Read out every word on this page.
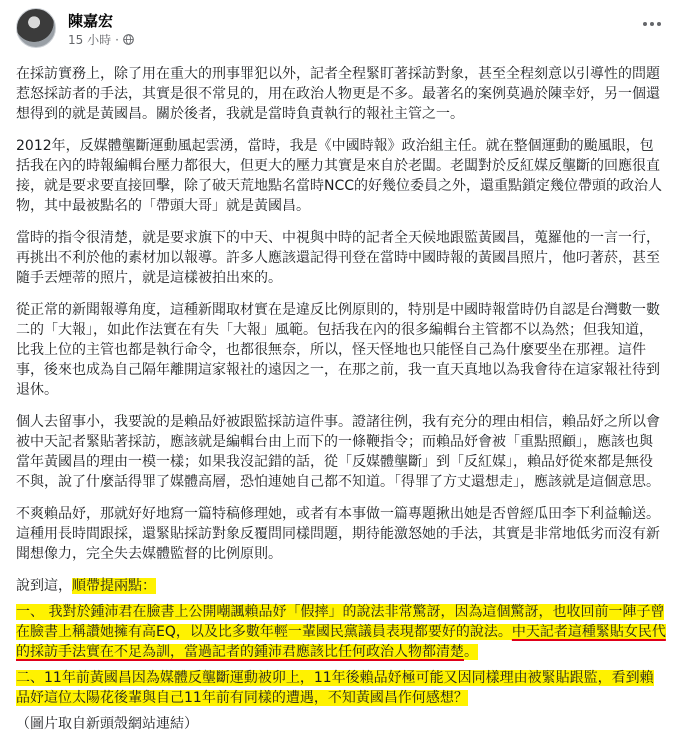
陳嘉宏
15 小時 ·

在採訪實務上，除了用在重大的刑事罪犯以外，記者全程緊盯著採訪對象，甚至全程刻意以引導性的問題惹怒採訪者的手法，其實是很不常見的，用在政治人物更是不多。最著名的案例莫過於陳幸妤，另一個還想得到的就是黃國昌。關於後者，我就是當時負責執行的報社主管之一。

2012年，反媒體壟斷運動風起雲湧，當時，我是《中國時報》政治組主任。就在整個運動的颱風眼，包括我在內的時報編輯台壓力都很大，但更大的壓力其實是來自於老闆。老闆對於反紅媒反壟斷的回應很直接，就是要求要直接回擊，除了破天荒地點名當時NCC的好幾位委員之外，還重點鎖定幾位帶頭的政治人物，其中最被點名的「帶頭大哥」就是黃國昌。

當時的指令很清楚，就是要求旗下的中天、中視與中時的記者全天候地跟監黃國昌，蒐羅他的一言一行，再挑出不利於他的素材加以報導。許多人應該還記得刊登在當時中國時報的黃國昌照片，他叼著菸，甚至隨手丟煙蒂的照片，就是這樣被拍出來的。

從正常的新聞報導角度，這種新聞取材實在是違反比例原則的，特別是中國時報當時仍自認是台灣數一數二的「大報」，如此作法實在有失「大報」風範。包括我在內的很多編輯台主管都不以為然；但我知道，比我上位的主管也都是執行命令，也都很無奈，所以，怪天怪地也只能怪自己為什麼要坐在那裡。這件事，後來也成為自己隔年離開這家報社的遠因之一，在那之前，我一直天真地以為我會待在這家報社待到退休。

個人去留事小，我要說的是賴品妤被跟監採訪這件事。證諸往例，我有充分的理由相信，賴品妤之所以會被中天記者緊貼著採訪，應該就是編輯台由上而下的一條鞭指令；而賴品妤會被「重點照顧」，應該也與當年黃國昌的理由一模一樣；如果我沒記錯的話，從「反媒體壟斷」到「反紅媒」，賴品妤從來都是無役不與，說了什麼話得罪了媒體高層，恐怕連她自己都不知道。「得罪了方丈還想走」，應該就是這個意思。

不爽賴品妤，那就好好地寫一篇特稿修理她，或者有本事做一篇專題揪出她是否曾經瓜田李下利益輸送。這種用長時間跟採，還緊貼採訪對象反覆問同樣問題，期待能激怒她的手法，其實是非常地低劣而沒有新聞想像力，完全失去媒體監督的比例原則。

說到這，順帶提兩點：

一、 我對於鍾沛君在臉書上公開嘲諷賴品妤「假摔」的說法非常驚訝，因為這個驚訝，也收回前一陣子曾在臉書上稱讚她擁有高EQ，以及比多數年輕一輩國民黨議員表現都要好的說法。中天記者這種緊貼女民代的採訪手法實在不足為訓，當過記者的鍾沛君應該比任何政治人物都清楚。

二、11年前黃國昌因為媒體反壟斷運動被卯上，11年後賴品妤極可能又因同樣理由被緊貼跟監，看到賴品妤這位太陽花後輩與自己11年前有同樣的遭遇，不知黃國昌作何感想？

（圖片取自新頭殼網站連結）
